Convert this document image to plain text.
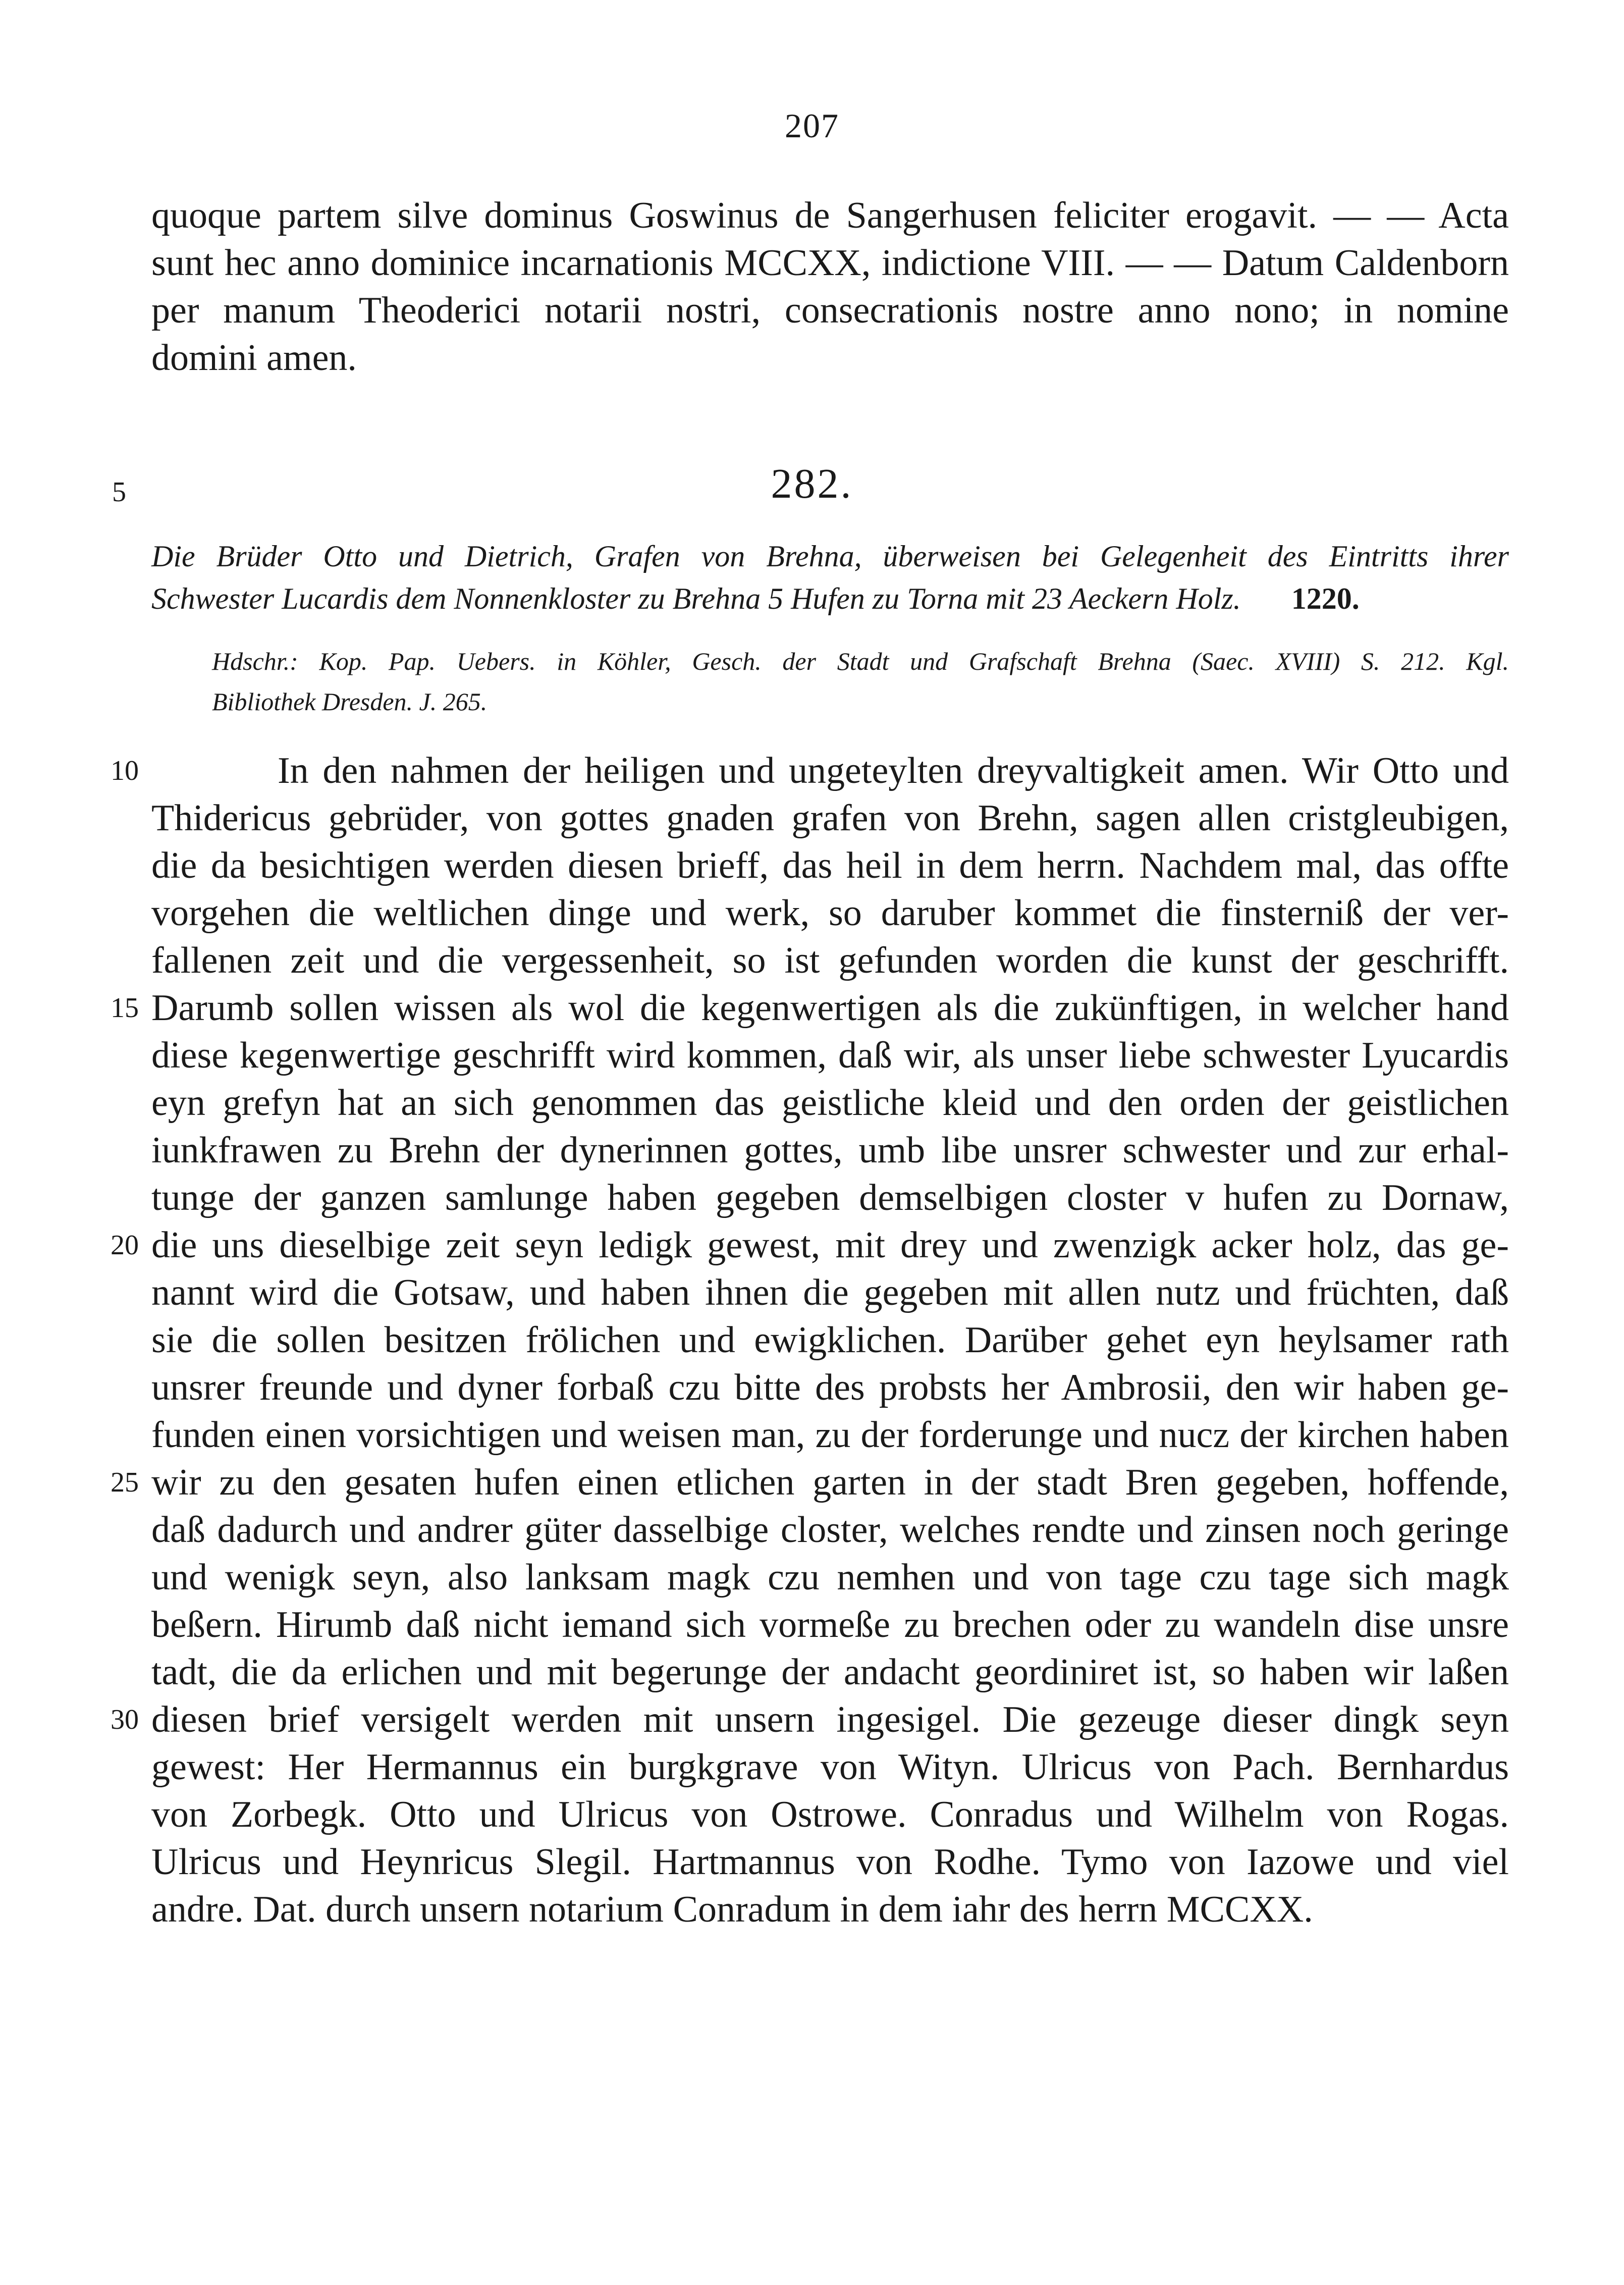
207
quoque partem silve dominus Goswinus de Sangerhusen feliciter erogavit. — — Acta
sunt hec anno dominice incarnationis MCCXX, indictione VIII. — — Datum Caldenborn
per manum Theoderici notarii nostri, consecrationis nostre anno nono; in nomine
domini amen.
5
10
15
20
25
30
282.
Die Brüder Otto und Dietrich, Grafen von Brehna, überweisen bei Gelegenheit des Eintritts ihrer
Schwester Lucardis dem Nonnenkloster zu Brehna 5 Hufen zu Torna mit 23 Aeckern Holz. 1220.
Hdschr.: Kop. Pap. Uebers. in Köhler, Gesch. der Stadt und Grafschaft Brehna (Saec. XVIII) S. 212. Kgl.
Bibliothek Dresden. J. 265.
In den nahmen der heiligen und ungeteylten dreyvaltigkeit amen. Wir Otto und
Thidericus gebrüder, von gottes gnaden grafen von Brehn, sagen allen cristgleubigen,
die da besichtigen werden diesen brieff, das heil in dem herrn. Nachdem mal, das offte
vorgehen die weltlichen dinge und werk, so daruber kommet die finsterniß der ver-
fallenen zeit und die vergessenheit, so ist gefunden worden die kunst der geschrifft.
Darumb sollen wissen als wol die kegenwertigen als die zukünftigen, in welcher hand
diese kegenwertige geschrifft wird kommen, daß wir, als unser liebe schwester Lyucardis
eyn grefyn hat an sich genommen das geistliche kleid und den orden der geistlichen
iunkfrawen zu Brehn der dynerinnen gottes, umb libe unsrer schwester und zur erhal-
tunge der ganzen samlunge haben gegeben demselbigen closter v hufen zu Dornaw,
die uns dieselbige zeit seyn ledigk gewest, mit drey und zwenzigk acker holz, das ge-
nannt wird die Gotsaw, und haben ihnen die gegeben mit allen nutz und früchten, daß
sie die sollen besitzen frölichen und ewigklichen. Darüber gehet eyn heylsamer rath
unsrer freunde und dyner forbaß czu bitte des probsts her Ambrosii, den wir haben ge-
funden einen vorsichtigen und weisen man, zu der forderunge und nucz der kirchen haben
wir zu den gesaten hufen einen etlichen garten in der stadt Bren gegeben, hoffende,
daß dadurch und andrer güter dasselbige closter, welches rendte und zinsen noch geringe
und wenigk seyn, also lanksam magk czu nemhen und von tage czu tage sich magk
beßern. Hirumb daß nicht iemand sich vormeße zu brechen oder zu wandeln dise unsre
tadt, die da erlichen und mit begerunge der andacht geordiniret ist, so haben wir laßen
diesen brief versigelt werden mit unsern ingesigel. Die gezeuge dieser dingk seyn
gewest: Her Hermannus ein burgkgrave von Wityn. Ulricus von Pach. Bernhardus
von Zorbegk. Otto und Ulricus von Ostrowe. Conradus und Wilhelm von Rogas.
Ulricus und Heynricus Slegil. Hartmannus von Rodhe. Tymo von Iazowe und viel
andre. Dat. durch unsern notarium Conradum in dem iahr des herrn MCCXX.
